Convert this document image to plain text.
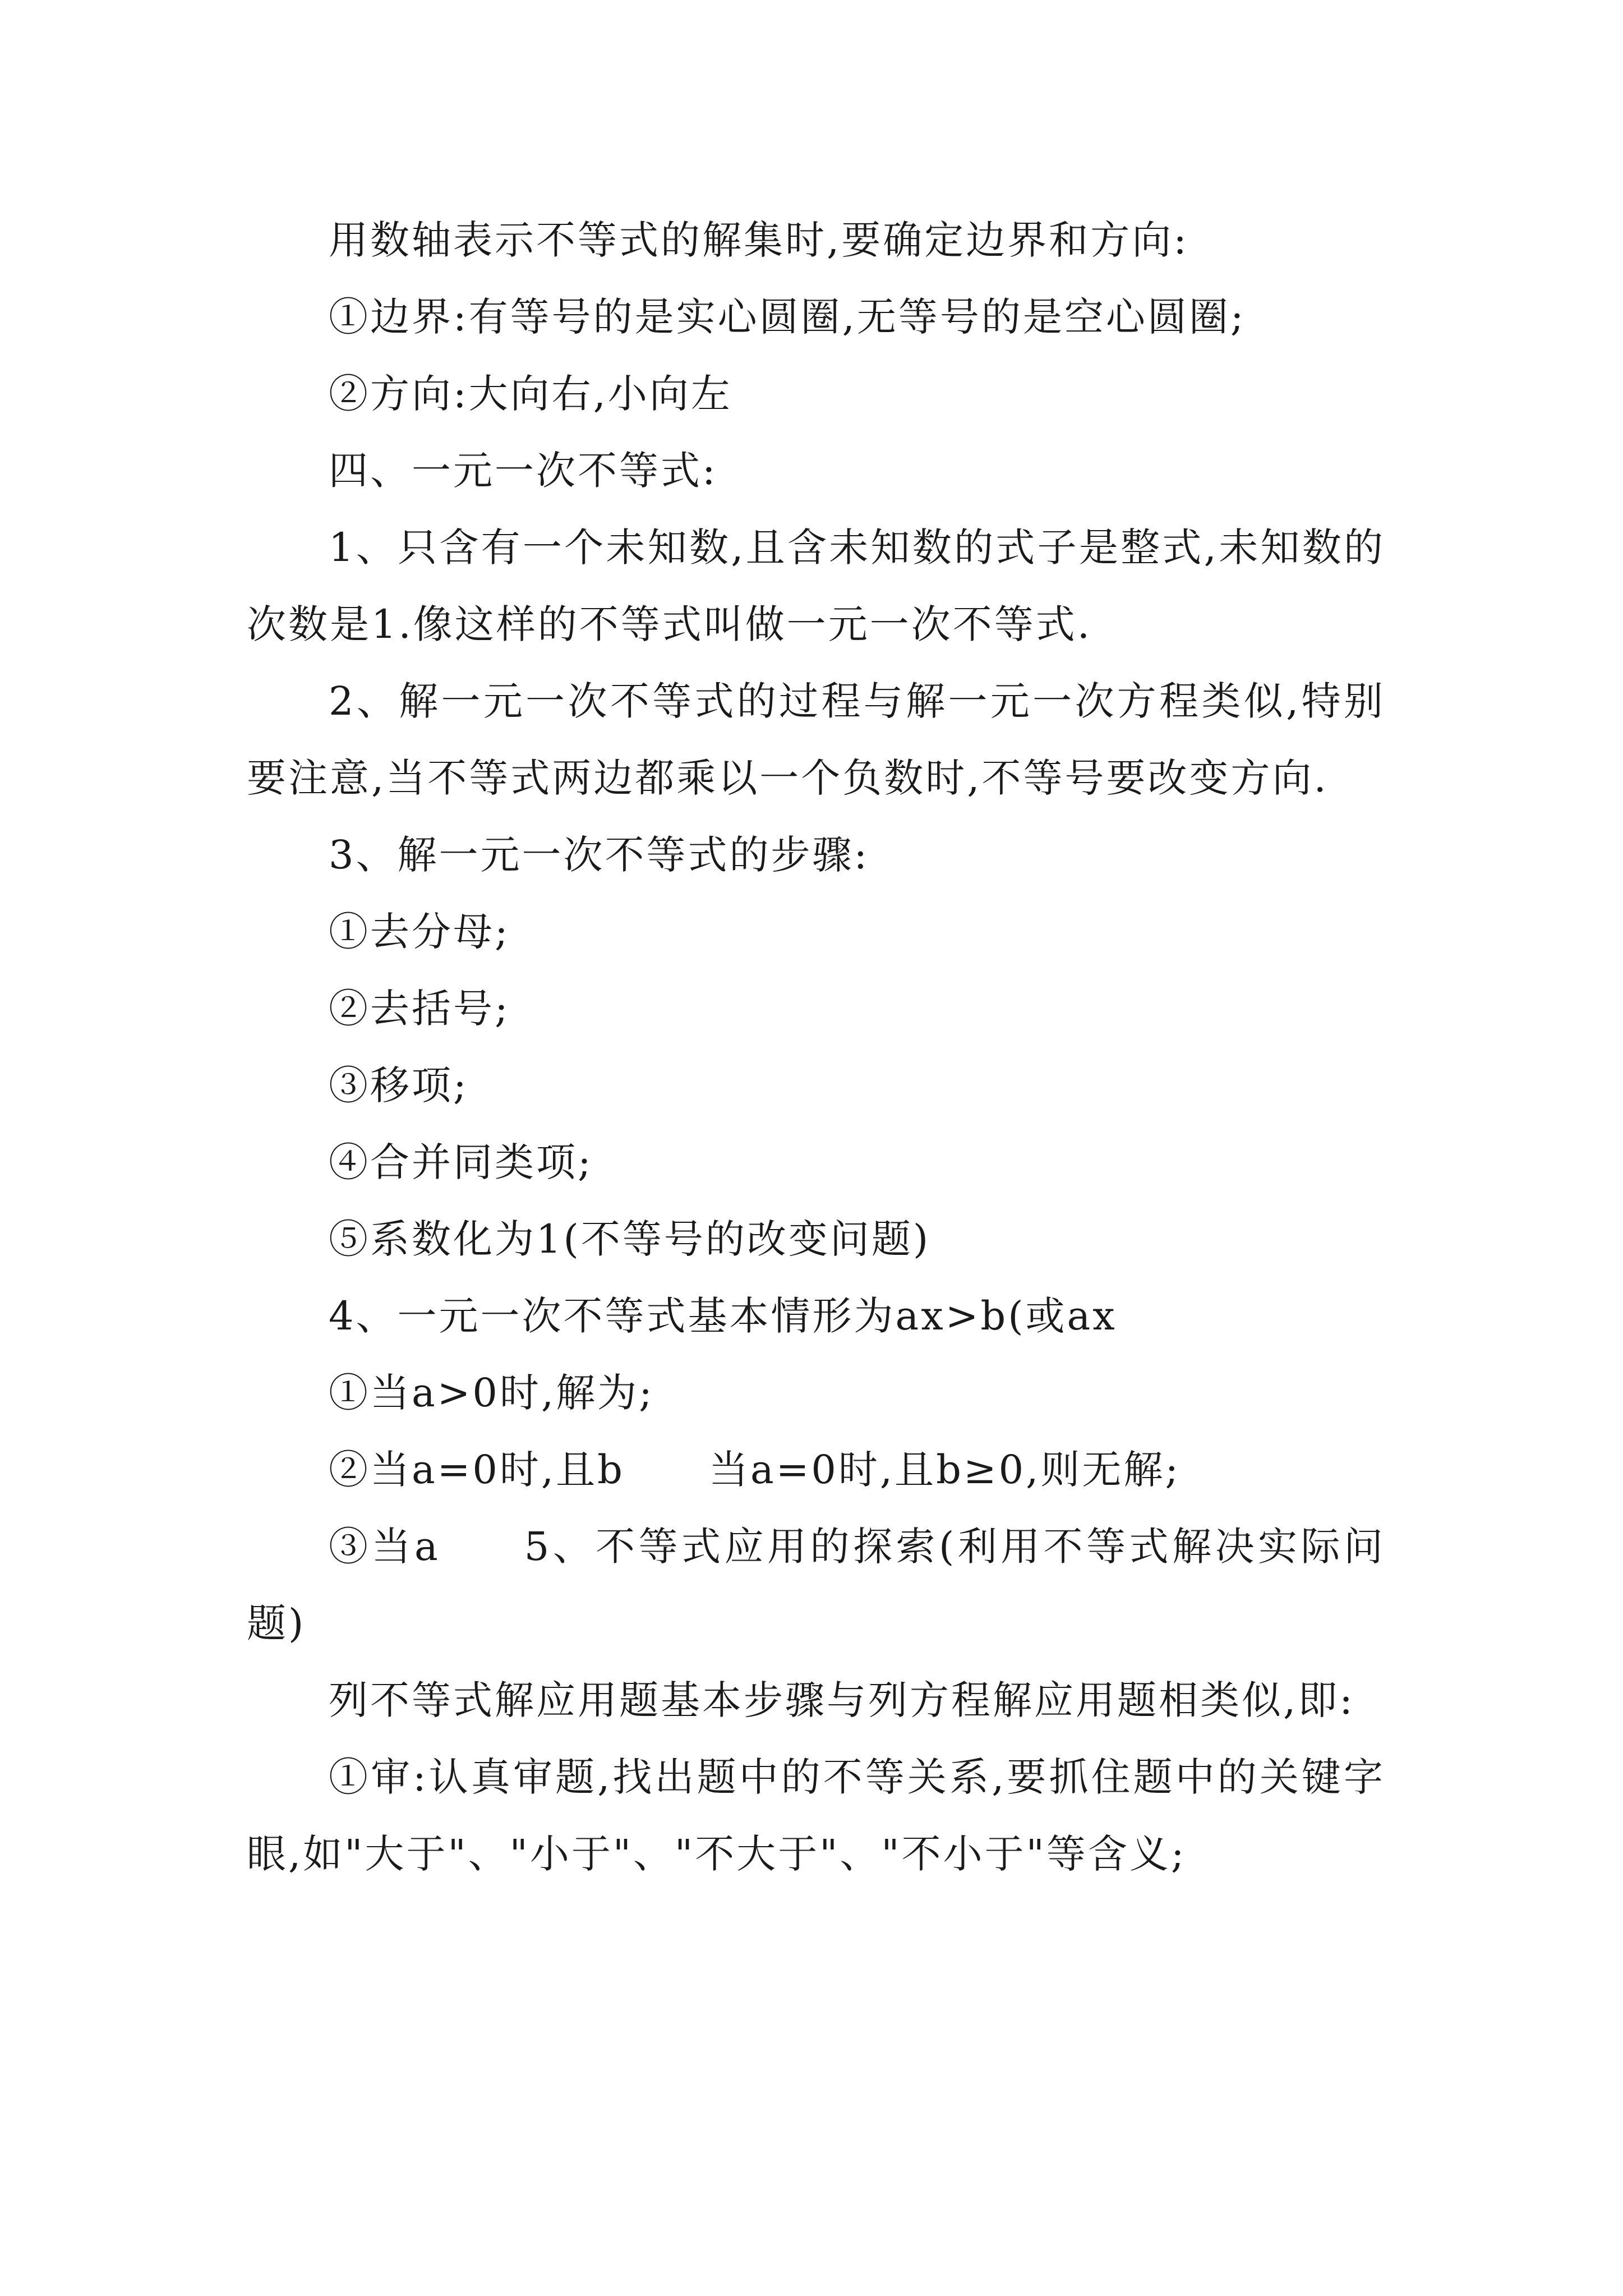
用数轴表示不等式的解集时,要确定边界和方向:

①边界:有等号的是实心圆圈,无等号的是空心圆圈;

②方向:大向右,小向左

四、一元一次不等式:

1、只含有一个未知数,且含未知数的式子是整式,未知数的次数是1.像这样的不等式叫做一元一次不等式.

2、解一元一次不等式的过程与解一元一次方程类似,特别要注意,当不等式两边都乘以一个负数时,不等号要改变方向.

3、解一元一次不等式的步骤:

①去分母;

②去括号;

③移项;

④合并同类项;

⑤系数化为1(不等号的改变问题)

4、一元一次不等式基本情形为ax>b(或ax

①当a>0时,解为;

②当a=0时,且b 当a=0时,且b≥0,则无解;

③当a 5、不等式应用的探索(利用不等式解决实际问题)

列不等式解应用题基本步骤与列方程解应用题相类似,即:

①审:认真审题,找出题中的不等关系,要抓住题中的关键字眼,如"大于"、"小于"、"不大于"、"不小于"等含义;
